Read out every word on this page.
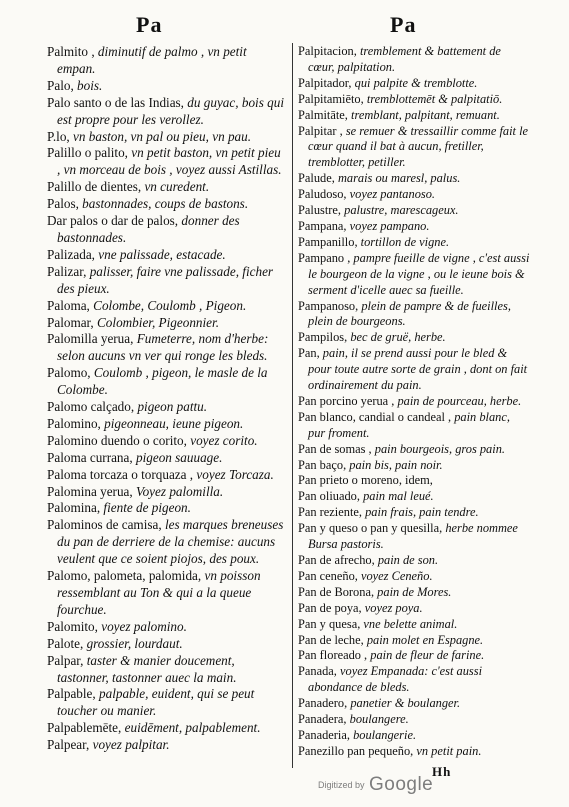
Pa	Pa

Palmito , diminutif de palmo , vn petit empan.

Palo, bois.

Palo santo o de las Indias, du guyac, bois qui est propre pour les verollez.

P.lo, vn baston, vn pal ou pieu, vn pau.

Palillo o palito, vn petit baston, vn petit pieu , vn morceau de bois , voyez aussi Astillas.

Palillo de dientes, vn curedent.

Palos, bastonnades, coups de bastons.

Dar palos o dar de palos, donner des bastonnades.

Palizada, vne palissade, estacade.

Palizar, palisser, faire vne palissade, ficher des pieux.

Paloma, Colombe, Coulomb , Pigeon.

Palomar, Colombier, Pigeonnier.

Palomilla yerua, Fumeterre, nom d'herbe: selon aucuns vn ver qui ronge les bleds.

Palomo, Coulomb , pigeon, le masle de la Colombe.

Palomo calçado, pigeon pattu.

Palomino, pigeonneau, ieune pigeon.

Palomino duendo o corito, voyez corito.

Paloma currana, pigeon sauuage.

Paloma torcaza o torquaza , voyez Torcaza.

Palomina yerua, Voyez palomilla.

Palomina, fiente de pigeon.

Palominos de camisa, les marques breneuses du pan de derriere de la chemise: aucuns veulent que ce soient piojos, des poux.

Palomo, palometa, palomida, vn poisson ressemblant au Ton & qui a la queue fourchue.

Palomito, voyez palomino.

Palote, grossier, lourdaut.

Palpar, taster & manier doucement, tastonner, tastonner auec la main.

Palpable, palpable, euident, qui se peut toucher ou manier.

Palpablemēte, euidēment, palpablement.

Palpear, voyez palpitar.

Palpitacion, tremblement & battement de cœur, palpitation.

Palpitador, qui palpite & tremblotte.

Palpitamiēto, tremblottemēt & palpitatiō.

Palmitāte, tremblant, palpitant, remuant.

Palpitar , se remuer & tressaillir comme fait le cœur quand il bat à aucun, fretiller, tremblotter, petiller.

Palude, marais ou maresl, palus.

Paludoso, voyez pantanoso.

Palustre, palustre, marescageux.

Pampana, voyez pampano.

Pampanillo, tortillon de vigne.

Pampano , pampre fueille de vigne , c'est aussi le bourgeon de la vigne , ou le ieune bois & serment d'icelle auec sa fueille.

Pampanoso, plein de pampre & de fueilles, plein de bourgeons.

Pampilos, bec de gruë, herbe.

Pan, pain, il se prend aussi pour le bled & pour toute autre sorte de grain , dont on fait ordinairement du pain.

Pan porcino yerua , pain de pourceau, herbe.

Pan blanco, candial o candeal , pain blanc, pur froment.

Pan de somas , pain bourgeois, gros pain.

Pan baço, pain bis, pain noir.

Pan prieto o moreno, idem,

Pan oliuado, pain mal leué.

Pan reziente, pain frais, pain tendre.

Pan y queso o pan y quesilla, herbe nommee Bursa pastoris.

Pan de afrecho, pain de son.

Pan ceneño, voyez Ceneño.

Pan de Borona, pain de Mores.

Pan de poya, voyez poya.

Pan y quesa, vne belette animal.

Pan de leche, pain molet en Espagne.

Pan floreado , pain de fleur de farine.

Panada, voyez Empanada: c'est aussi abondance de bleds.

Panadero, panetier & boulanger.

Panadera, boulangere.

Panaderia, boulangerie.

Panezillo pan pequeño, vn petit pain.

Hh
Digitized by Google
